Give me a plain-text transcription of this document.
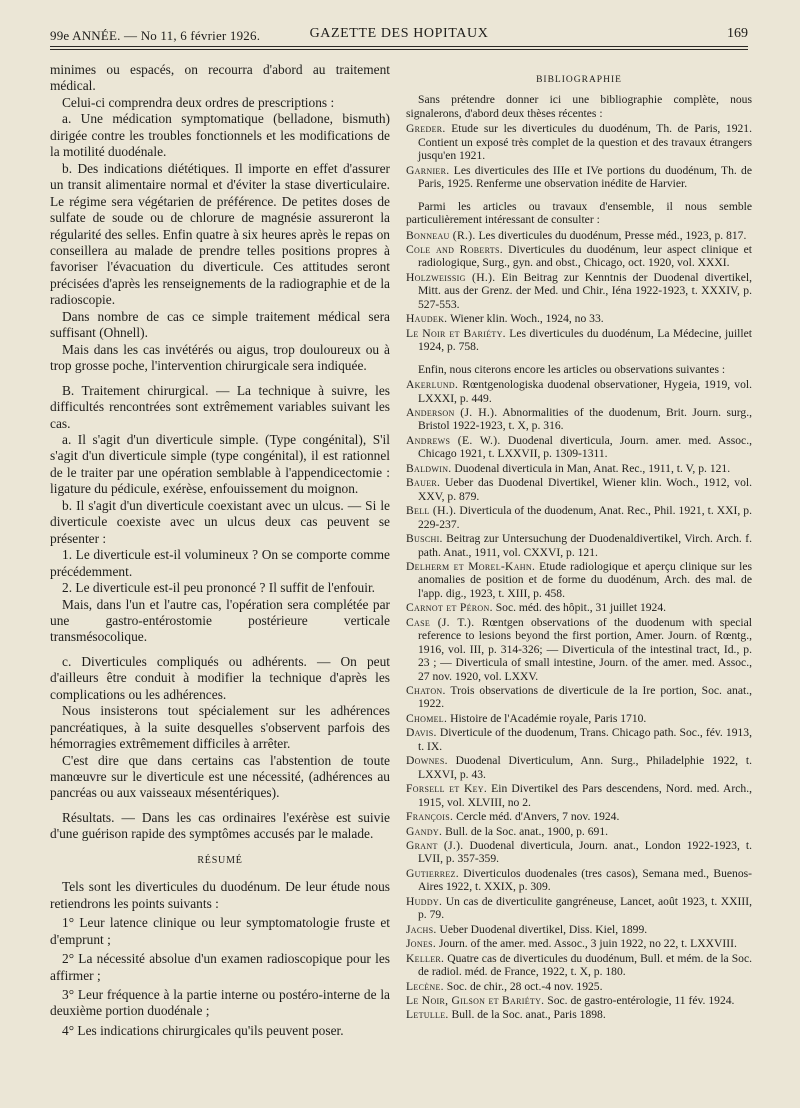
99e ANNÉE. — No 11, 6 février 1926.	GAZETTE DES HOPITAUX	169

minimes ou espacés, on recourra d'abord au traitement médical.

Celui-ci comprendra deux ordres de prescriptions :

a. Une médication symptomatique (belladone, bismuth) dirigée contre les troubles fonctionnels et les modifications de la motilité duodénale.

b. Des indications diététiques. Il importe en effet d'assurer un transit alimentaire normal et d'éviter la stase diverticulaire. Le régime sera végétarien de préférence. De petites doses de sulfate de soude ou de chlorure de magnésie assureront la régularité des selles. Enfin quatre à six heures après le repas on conseillera au malade de prendre telles positions propres à favoriser l'évacuation du diverticule. Ces attitudes seront précisées d'après les renseignements de la radiographie et de la radioscopie.

Dans nombre de cas ce simple traitement médical sera suffisant (Ohnell).

Mais dans les cas invétérés ou aigus, trop douloureux ou à trop grosse poche, l'intervention chirurgicale sera indiquée.

B. Traitement chirurgical. — La technique à suivre, les difficultés rencontrées sont extrêmement variables suivant les cas.

a. Il s'agit d'un diverticule simple. (Type congénital), S'il s'agit d'un diverticule simple (type congénital), il est rationnel de le traiter par une opération semblable à l'appendicectomie : ligature du pédicule, exérèse, enfouissement du moignon.

b. Il s'agit d'un diverticule coexistant avec un ulcus. — Si le diverticule coexiste avec un ulcus deux cas peuvent se présenter :

1. Le diverticule est-il volumineux ? On se comporte comme précédemment.

2. Le diverticule est-il peu prononcé ? Il suffit de l'enfouir.

Mais, dans l'un et l'autre cas, l'opération sera complétée par une gastro-entérostomie postérieure verticale transmésocolique.

c. Diverticules compliqués ou adhérents. — On peut d'ailleurs être conduit à modifier la technique d'après les complications ou les adhérences.

Nous insisterons tout spécialement sur les adhérences pancréatiques, à la suite desquelles s'observent parfois des hémorragies extrêmement difficiles à arrêter.

C'est dire que dans certains cas l'abstention de toute manœuvre sur le diverticule est une nécessité, (adhérences au pancréas ou aux vaisseaux mésentériques).

Résultats. — Dans les cas ordinaires l'exérèse est suivie d'une guérison rapide des symptômes accusés par le malade.

RÉSUMÉ

Tels sont les diverticules du duodénum. De leur étude nous retiendrons les points suivants :

1° Leur latence clinique ou leur symptomatologie fruste et d'emprunt ;

2° La nécessité absolue d'un examen radioscopique pour les affirmer ;

3° Leur fréquence à la partie interne ou postéro-interne de la deuxième portion duodénale ;

4° Les indications chirurgicales qu'ils peuvent poser.

BIBLIOGRAPHIE

Sans prétendre donner ici une bibliographie complète, nous signalerons, d'abord deux thèses récentes :

Greder. Etude sur les diverticules du duodénum, Th. de Paris, 1921. Contient un exposé très complet de la question et des travaux étrangers jusqu'en 1921.

Garnier. Les diverticules des IIIe et IVe portions du duodénum, Th. de Paris, 1925. Renferme une observation inédite de Harvier.

Parmi les articles ou travaux d'ensemble, il nous semble particulièrement intéressant de consulter :

Bonneau (R.). Les diverticules du duodénum, Presse méd., 1923, p. 817.

Cole and Roberts. Diverticules du duodénum, leur aspect clinique et radiologique, Surg., gyn. and obst., Chicago, oct. 1920, vol. XXXI.

Holzweissig (H.). Ein Beitrag zur Kenntnis der Duodenal divertikel, Mitt. aus der Grenz. der Med. und Chir., Iéna 1922-1923, t. XXXIV, p. 527-553.

Haudek. Wiener klin. Woch., 1924, no 33.

Le Noir et Bariéty. Les diverticules du duodénum, La Médecine, juillet 1924, p. 758.

Enfin, nous citerons encore les articles ou observations suivantes :

Akerlund. Rœntgenologiska duodenal observationer, Hygeia, 1919, vol. LXXXI, p. 449.

Anderson (J. H.). Abnormalities of the duodenum, Brit. Journ. surg., Bristol 1922-1923, t. X, p. 316.

Andrews (E. W.). Duodenal diverticula, Journ. amer. med. Assoc., Chicago 1921, t. LXXVII, p. 1309-1311.

Baldwin. Duodenal diverticula in Man, Anat. Rec., 1911, t. V, p. 121.

Bauer. Ueber das Duodenal Divertikel, Wiener klin. Woch., 1912, vol. XXV, p. 879.

Bell (H.). Diverticula of the duodenum, Anat. Rec., Phil. 1921, t. XXI, p. 229-237.

Buschi. Beitrag zur Untersuchung der Duodenaldivertikel, Virch. Arch. f. path. Anat., 1911, vol. CXXVI, p. 121.

Delherm et Morel-Kahn. Etude radiologique et aperçu clinique sur les anomalies de position et de forme du duodénum, Arch. des mal. de l'app. dig., 1923, t. XIII, p. 458.

Carnot et Péron. Soc. méd. des hôpit., 31 juillet 1924.

Case (J. T.). Rœntgen observations of the duodenum with special reference to lesions beyond the first portion, Amer. Journ. of Rœntg., 1916, vol. III, p. 314-326; — Diverticula of the intestinal tract, Id., p. 23 ; — Diverticula of small intestine, Journ. of the amer. med. Assoc., 27 nov. 1920, vol. LXXV.

Chaton. Trois observations de diverticule de la Ire portion, Soc. anat., 1922.

Chomel. Histoire de l'Académie royale, Paris 1710.

Davis. Diverticule of the duodenum, Trans. Chicago path. Soc., fév. 1913, t. IX.

Downes. Duodenal Diverticulum, Ann. Surg., Philadelphie 1922, t. LXXVI, p. 43.

Forsell et Key. Ein Divertikel des Pars descendens, Nord. med. Arch., 1915, vol. XLVIII, no 2.

François. Cercle méd. d'Anvers, 7 nov. 1924.

Gandy. Bull. de la Soc. anat., 1900, p. 691.

Grant (J.). Duodenal diverticula, Journ. anat., London 1922-1923, t. LVII, p. 357-359.

Gutierrez. Diverticulos duodenales (tres casos), Semana med., Buenos-Aires 1922, t. XXIX, p. 309.

Huddy. Un cas de diverticulite gangréneuse, Lancet, août 1923, t. XXIII, p. 79.

Jachs. Ueber Duodenal divertikel, Diss. Kiel, 1899.

Jones. Journ. of the amer. med. Assoc., 3 juin 1922, no 22, t. LXXVIII.

Keller. Quatre cas de diverticules du duodénum, Bull. et mém. de la Soc. de radiol. méd. de France, 1922, t. X, p. 180.

Lecène. Soc. de chir., 28 oct.-4 nov. 1925.

Le Noir, Gilson et Bariéty. Soc. de gastro-entérologie, 11 fév. 1924.

Letulle. Bull. de la Soc. anat., Paris 1898.
